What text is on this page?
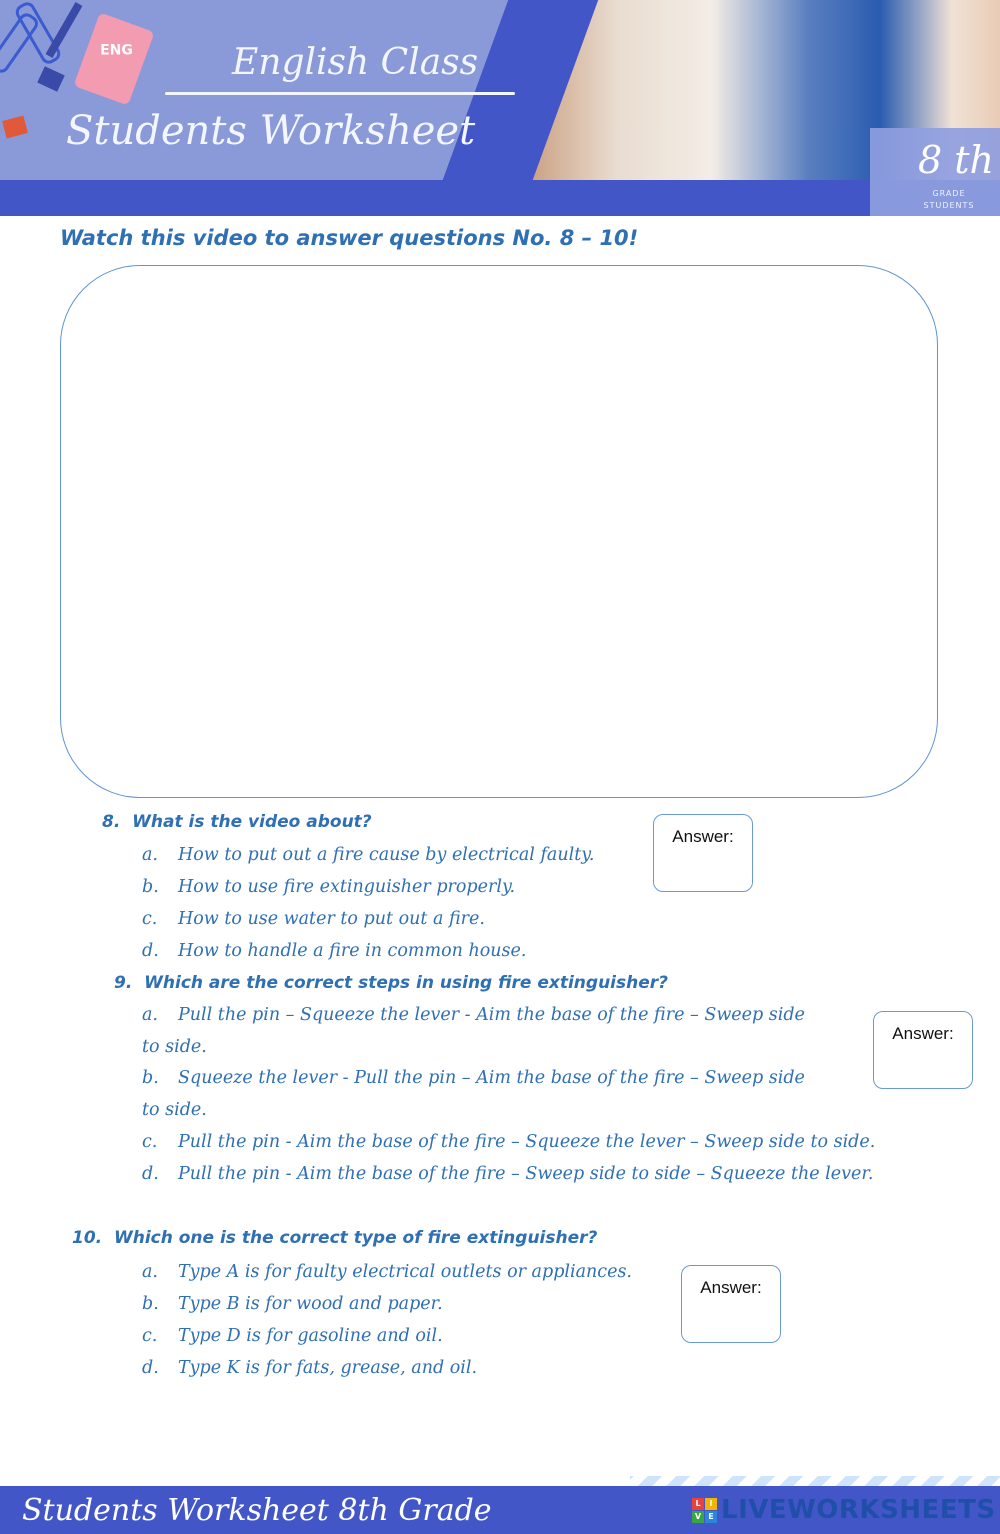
ENG	English Class
Students Worksheet
8 th
GRADE STUDENTS

Watch this video to answer questions No. 8 – 10!

8. What is the video about?

a. How to put out a fire cause by electrical faulty.

b. How to use fire extinguisher properly.

c. How to use water to put out a fire.

d. How to handle a fire in common house.

Answer:

9. Which are the correct steps in using fire extinguisher?

a. Pull the pin – Squeeze the lever - Aim the base of the fire – Sweep side

to side.

b. Squeeze the lever - Pull the pin – Aim the base of the fire – Sweep side

to side.

c. Pull the pin - Aim the base of the fire – Squeeze the lever – Sweep side to side.

d. Pull the pin - Aim the base of the fire – Sweep side to side – Squeeze the lever.

Answer:

10. Which one is the correct type of fire extinguisher?

a. Type A is for faulty electrical outlets or appliances.

b. Type B is for wood and paper.

c. Type D is for gasoline and oil.

d. Type K is for fats, grease, and oil.

Answer:
Students Worksheet 8th Grade	L	I
V E LIVEWORKSHEETS
